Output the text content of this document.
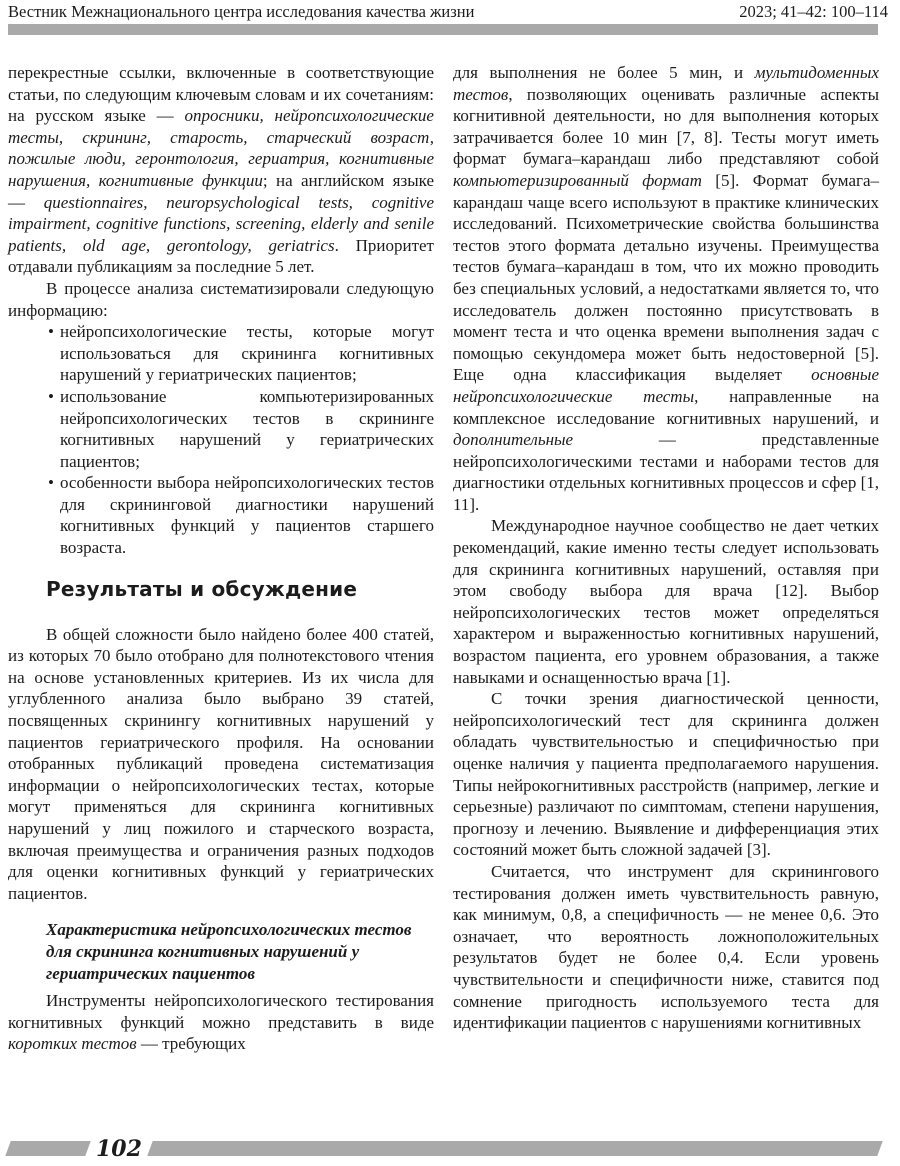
Вестник Межнационального центра исследования качества жизни	2023; 41–42: 100–114

перекрестные ссылки, включенные в соответствующие статьи, по следующим ключевым словам и их сочетаниям: на русском языке — опросники, нейропсихологические тесты, скрининг, старость, старческий возраст, пожилые люди, геронтология, гериатрия, когнитивные нарушения, когнитивные функции; на английском языке — questionnaires, neuropsychological tests, cognitive impairment, cognitive functions, screening, elderly and senile patients, old age, gerontology, geriatrics. Приоритет отдавали публикациям за последние 5 лет.

В процессе анализа систематизировали следующую информацию:

• нейропсихологические тесты, которые могут использоваться для скрининга когнитивных нарушений у гериатрических пациентов;
• использование компьютеризированных нейропсихологических тестов в скрининге когнитивных нарушений у гериатрических пациентов;
• особенности выбора нейропсихологических тестов для скрининговой диагностики нарушений когнитивных функций у пациентов старшего возраста.
Результаты и обсуждение

В общей сложности было найдено более 400 статей, из которых 70 было отобрано для полнотекстового чтения на основе установленных критериев. Из их числа для углубленного анализа было выбрано 39 статей, посвященных скринингу когнитивных нарушений у пациентов гериатрического профиля. На основании отобранных публикаций проведена систематизация информации о нейропсихологических тестах, которые могут применяться для скрининга когнитивных нарушений у лиц пожилого и старческого возраста, включая преимущества и ограничения разных подходов для оценки когнитивных функций у гериатрических пациентов.

Характеристика нейропсихологических тестов для скрининга когнитивных нарушений у гериатрических пациентов

Инструменты нейропсихологического тестирования когнитивных функций можно представить в виде коротких тестов — требующих

для выполнения не более 5 мин, и мультидоменных тестов, позволяющих оценивать различные аспекты когнитивной деятельности, но для выполнения которых затрачивается более 10 мин [7, 8]. Тесты могут иметь формат бумага–карандаш либо представляют собой компьютеризированный формат [5]. Формат бумага–карандаш чаще всего используют в практике клинических исследований. Психометрические свойства большинства тестов этого формата детально изучены. Преимущества тестов бумага–карандаш в том, что их можно проводить без специальных условий, а недостатками является то, что исследователь должен постоянно присутствовать в момент теста и что оценка времени выполнения задач с помощью секундомера может быть недостоверной [5]. Еще одна классификация выделяет основные нейропсихологические тесты, направленные на комплексное исследование когнитивных нарушений, и дополнительные — представленные нейропсихологическими тестами и наборами тестов для диагностики отдельных когнитивных процессов и сфер [1, 11].

Международное научное сообщество не дает четких рекомендаций, какие именно тесты следует использовать для скрининга когнитивных нарушений, оставляя при этом свободу выбора для врача [12]. Выбор нейропсихологических тестов может определяться характером и выраженностью когнитивных нарушений, возрастом пациента, его уровнем образования, а также навыками и оснащенностью врача [1].

С точки зрения диагностической ценности, нейропсихологический тест для скрининга должен обладать чувствительностью и специфичностью при оценке наличия у пациента предполагаемого нарушения. Типы нейрокогнитивных расстройств (например, легкие и серьезные) различают по симптомам, степени нарушения, прогнозу и лечению. Выявление и дифференциация этих состояний может быть сложной задачей [3].

Считается, что инструмент для скринингового тестирования должен иметь чувствительность равную, как минимум, 0,8, а специфичность — не менее 0,6. Это означает, что вероятность ложноположительных результатов будет не более 0,4. Если уровень чувствительности и специфичности ниже, ставится под сомнение пригодность используемого теста для идентификации пациентов с нарушениями когнитивных

102
